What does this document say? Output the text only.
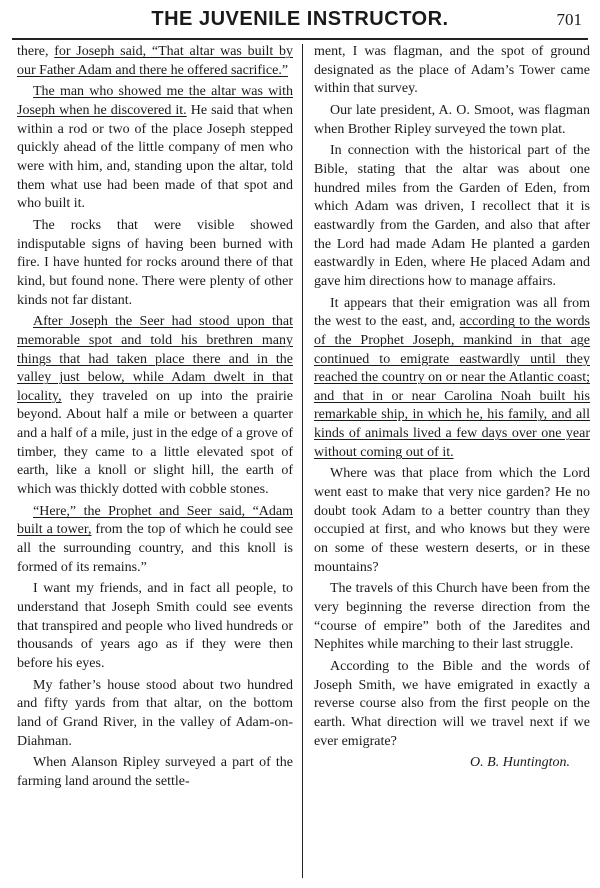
THE JUVENILE INSTRUCTOR.	701

there, for Joseph said, “That altar was built by our Father Adam and there he offered sacrifice.”

The man who showed me the altar was with Joseph when he discovered it. He said that when within a rod or two of the place Joseph stepped quickly ahead of the little company of men who were with him, and, standing upon the altar, told them what use had been made of that spot and who built it.

The rocks that were visible showed indisputable signs of having been burned with fire. I have hunted for rocks around there of that kind, but found none. There were plenty of other kinds not far distant.

After Joseph the Seer had stood upon that memorable spot and told his brethren many things that had taken place there and in the valley just below, while Adam dwelt in that locality, they traveled on up into the prairie beyond. About half a mile or between a quarter and a half of a mile, just in the edge of a grove of timber, they came to a little elevated spot of earth, like a knoll or slight hill, the earth of which was thickly dotted with cobble stones.

“Here,” the Prophet and Seer said, “Adam built a tower, from the top of which he could see all the surrounding country, and this knoll is formed of its remains.”

I want my friends, and in fact all people, to understand that Joseph Smith could see events that transpired and people who lived hundreds or thousands of years ago as if they were then before his eyes.

My father’s house stood about two hundred and fifty yards from that altar, on the bottom land of Grand River, in the valley of Adam-on-Diahman.

When Alanson Ripley surveyed a part of the farming land around the settle-

ment, I was flagman, and the spot of ground designated as the place of Adam’s Tower came within that survey.

Our late president, A. O. Smoot, was flagman when Brother Ripley surveyed the town plat.

In connection with the historical part of the Bible, stating that the altar was about one hundred miles from the Garden of Eden, from which Adam was driven, I recollect that it is eastwardly from the Garden, and also that after the Lord had made Adam He planted a garden eastwardly in Eden, where He placed Adam and gave him directions how to manage affairs.

It appears that their emigration was all from the west to the east, and, according to the words of the Prophet Joseph, mankind in that age continued to emigrate eastwardly until they reached the country on or near the Atlantic coast; and that in or near Carolina Noah built his remarkable ship, in which he, his family, and all kinds of animals lived a few days over one year without coming out of it.

Where was that place from which the Lord went east to make that very nice garden? He no doubt took Adam to a better country than they occupied at first, and who knows but they were on some of these western deserts, or in these mountains?

The travels of this Church have been from the very beginning the reverse direction from the “course of empire” both of the Jaredites and Nephites while marching to their last struggle.

According to the Bible and the words of Joseph Smith, we have emigrated in exactly a reverse course also from the first people on the earth. What direction will we travel next if we ever emigrate?

O. B. Huntington.
